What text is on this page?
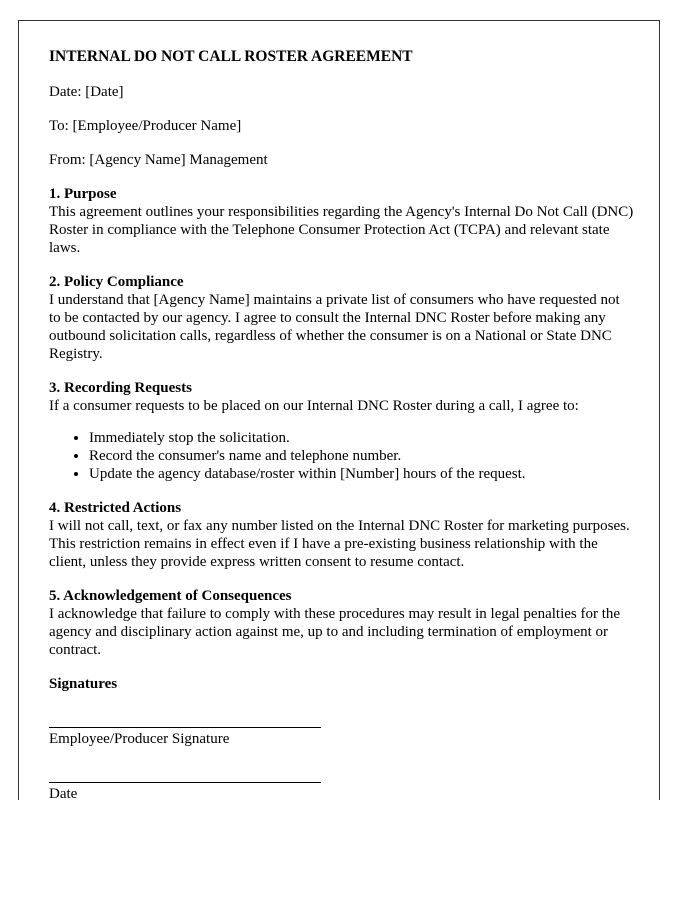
INTERNAL DO NOT CALL ROSTER AGREEMENT
Date: [Date]
To: [Employee/Producer Name]
From: [Agency Name] Management
1. Purpose
This agreement outlines your responsibilities regarding the Agency's Internal Do Not Call (DNC) Roster in compliance with the Telephone Consumer Protection Act (TCPA) and relevant state laws.
2. Policy Compliance
I understand that [Agency Name] maintains a private list of consumers who have requested not to be contacted by our agency. I agree to consult the Internal DNC Roster before making any outbound solicitation calls, regardless of whether the consumer is on a National or State DNC Registry.
3. Recording Requests
If a consumer requests to be placed on our Internal DNC Roster during a call, I agree to:
• Immediately stop the solicitation.
• Record the consumer's name and telephone number.
• Update the agency database/roster within [Number] hours of the request.
4. Restricted Actions
I will not call, text, or fax any number listed on the Internal DNC Roster for marketing purposes. This restriction remains in effect even if I have a pre-existing business relationship with the client, unless they provide express written consent to resume contact.
5. Acknowledgement of Consequences
I acknowledge that failure to comply with these procedures may result in legal penalties for the agency and disciplinary action against me, up to and including termination of employment or contract.
Signatures
Employee/Producer Signature
Date
